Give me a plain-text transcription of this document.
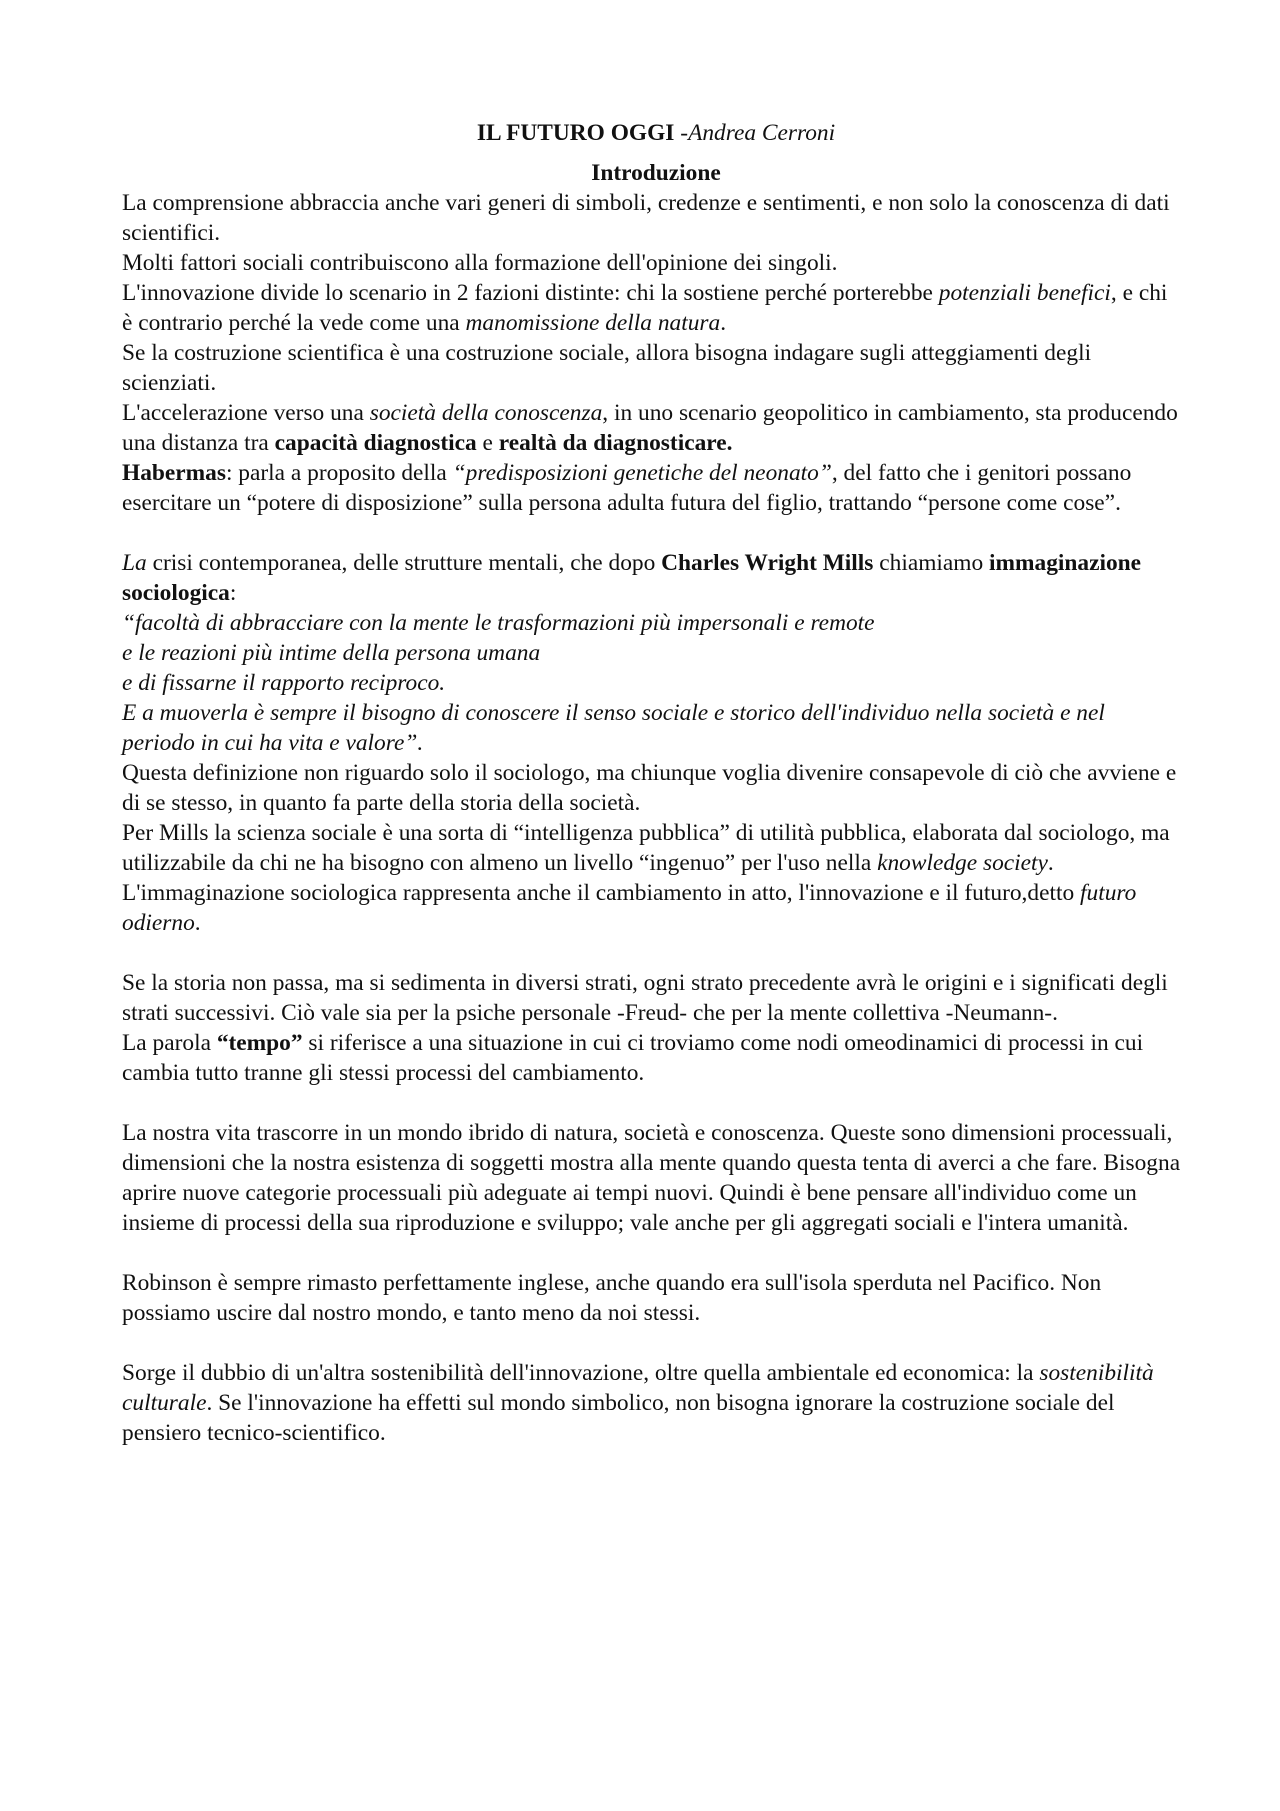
IL FUTURO OGGI -Andrea Cerroni

Introduzione

La comprensione abbraccia anche vari generi di simboli, credenze e sentimenti, e non solo la conoscenza di dati scientifici.

Molti fattori sociali contribuiscono alla formazione dell'opinione dei singoli.

L'innovazione divide lo scenario in 2 fazioni distinte: chi la sostiene perché porterebbe potenziali benefici, e chi è contrario perché la vede come una manomissione della natura.

Se la costruzione scientifica è una costruzione sociale, allora bisogna indagare sugli atteggiamenti degli scienziati.

L'accelerazione verso una società della conoscenza, in uno scenario geopolitico in cambiamento, sta producendo una distanza tra capacità diagnostica e realtà da diagnosticare.

Habermas: parla a proposito della “predisposizioni genetiche del neonato”, del fatto che i genitori possano esercitare un “potere di disposizione” sulla persona adulta futura del figlio, trattando “persone come cose”.

La crisi contemporanea, delle strutture mentali, che dopo Charles Wright Mills chiamiamo immaginazione sociologica:

“facoltà di abbracciare con la mente le trasformazioni più impersonali e remote

e le reazioni più intime della persona umana

e di fissarne il rapporto reciproco.

E a muoverla è sempre il bisogno di conoscere il senso sociale e storico dell'individuo nella società e nel periodo in cui ha vita e valore”.

Questa definizione non riguardo solo il sociologo, ma chiunque voglia divenire consapevole di ciò che avviene e di se stesso, in quanto fa parte della storia della società.

Per Mills la scienza sociale è una sorta di “intelligenza pubblica” di utilità pubblica, elaborata dal sociologo, ma utilizzabile da chi ne ha bisogno con almeno un livello “ingenuo” per l'uso nella knowledge society.

L'immaginazione sociologica rappresenta anche il cambiamento in atto, l'innovazione e il futuro,detto futuro odierno.

Se la storia non passa, ma si sedimenta in diversi strati, ogni strato precedente avrà le origini e i significati degli strati successivi. Ciò vale sia per la psiche personale -Freud- che per la mente collettiva -Neumann-.

La parola “tempo” si riferisce a una situazione in cui ci troviamo come nodi omeodinamici di processi in cui cambia tutto tranne gli stessi processi del cambiamento.

La nostra vita trascorre in un mondo ibrido di natura, società e conoscenza. Queste sono dimensioni processuali, dimensioni che la nostra esistenza di soggetti mostra alla mente quando questa tenta di averci a che fare. Bisogna aprire nuove categorie processuali più adeguate ai tempi nuovi. Quindi è bene pensare all'individuo come un insieme di processi della sua riproduzione e sviluppo; vale anche per gli aggregati sociali e l'intera umanità.

Robinson è sempre rimasto perfettamente inglese, anche quando era sull'isola sperduta nel Pacifico. Non possiamo uscire dal nostro mondo, e tanto meno da noi stessi.

Sorge il dubbio di un'altra sostenibilità dell'innovazione, oltre quella ambientale ed economica: la sostenibilità culturale. Se l'innovazione ha effetti sul mondo simbolico, non bisogna ignorare la costruzione sociale del pensiero tecnico-scientifico.
